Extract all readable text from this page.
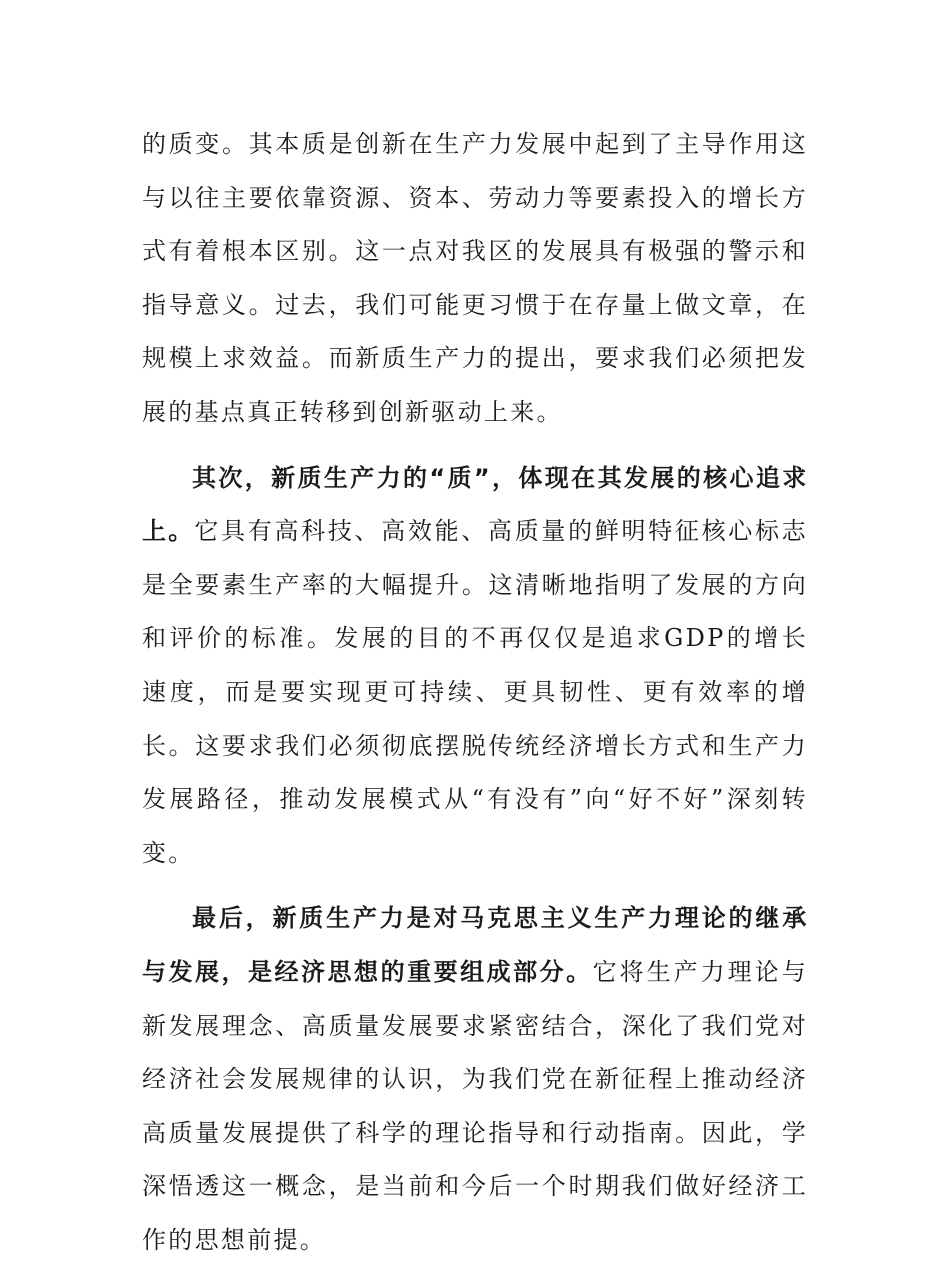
的质变。其本质是创新在生产力发展中起到了主导作用这与以往主要依靠资源、资本、劳动力等要素投入的增长方式有着根本区别。这一点对我区的发展具有极强的警示和指导意义。过去，我们可能更习惯于在存量上做文章，在规模上求效益。而新质生产力的提出，要求我们必须把发展的基点真正转移到创新驱动上来。

其次，新质生产力的“质”，体现在其发展的核心追求上。它具有高科技、高效能、高质量的鲜明特征核心标志是全要素生产率的大幅提升。这清晰地指明了发展的方向和评价的标准。发展的目的不再仅仅是追求GDP的增长速度，而是要实现更可持续、更具韧性、更有效率的增长。这要求我们必须彻底摆脱传统经济增长方式和生产力发展路径，推动发展模式从“有没有”向“好不好”深刻转变。

最后，新质生产力是对马克思主义生产力理论的继承与发展，是经济思想的重要组成部分。它将生产力理论与新发展理念、高质量发展要求紧密结合，深化了我们党对经济社会发展规律的认识，为我们党在新征程上推动经济高质量发展提供了科学的理论指导和行动指南。因此，学深悟透这一概念，是当前和今后一个时期我们做好经济工作的思想前提。
